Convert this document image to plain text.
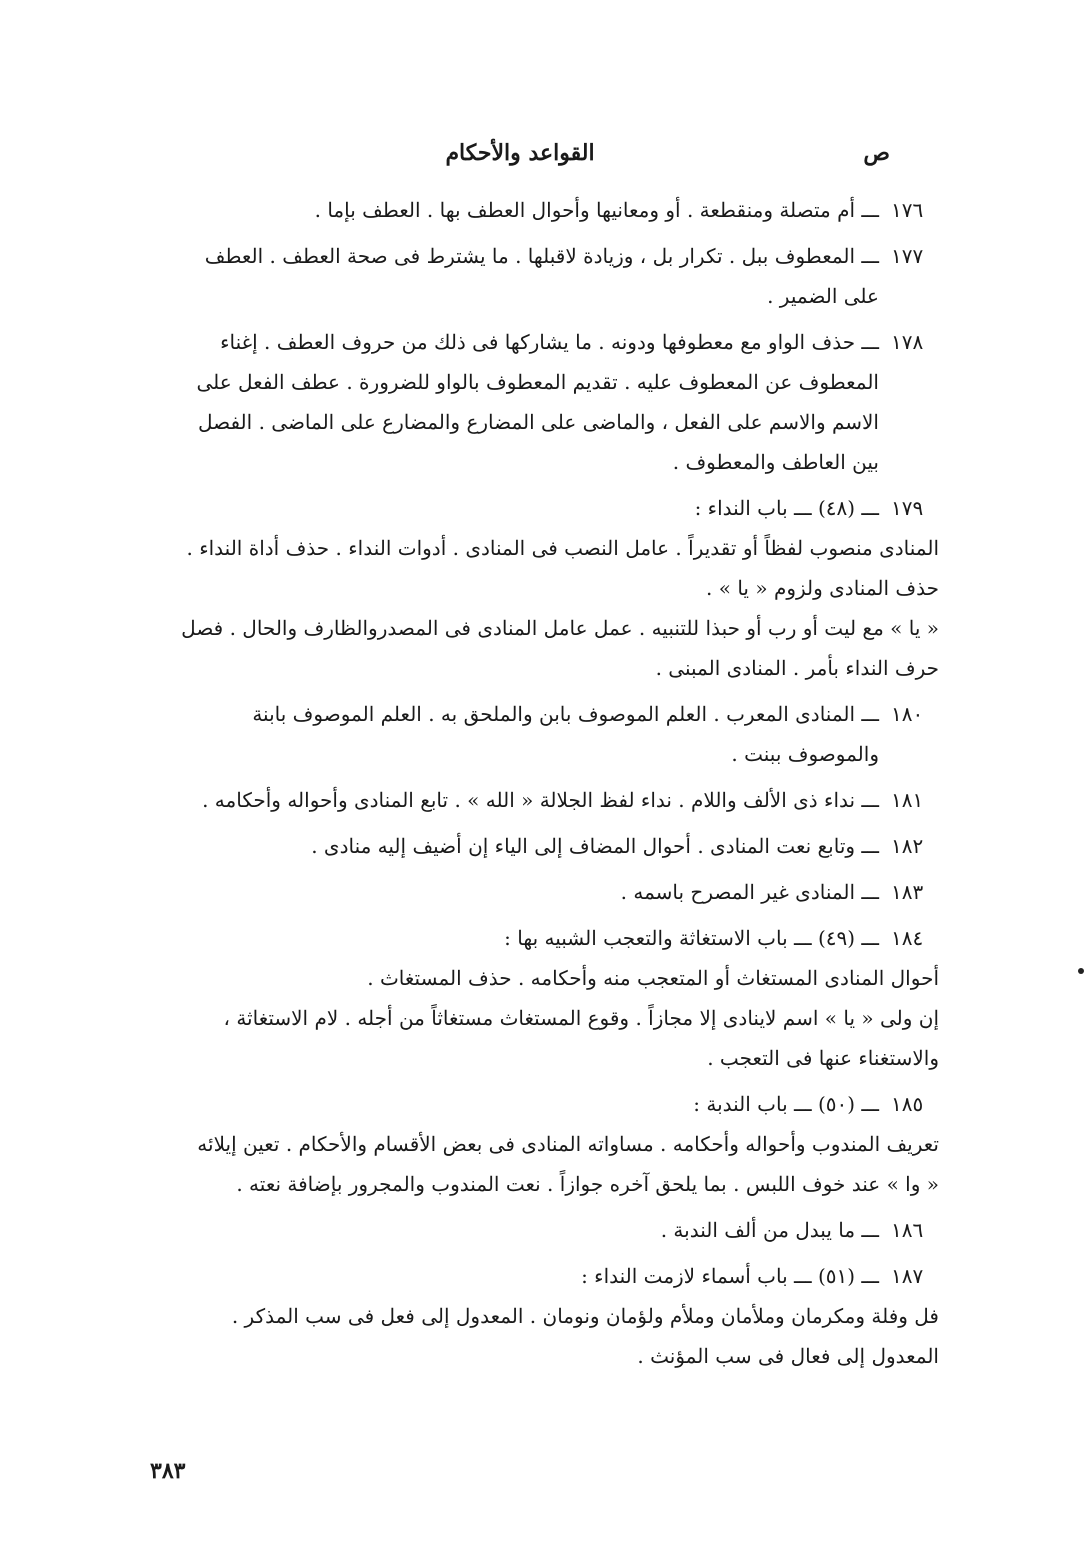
ص
القواعد والأحكام
١٧٦
ـــ أم متصلة ومنقطعة . أو ومعانيها وأحوال العطف بها . العطف بإما .
١٧٧
ـــ المعطوف ببل . تكرار بل ، وزيادة لاقبلها . ما يشترط فى صحة العطف . العطف على الضمير .
١٧٨
ـــ حذف الواو مع معطوفها ودونه . ما يشاركها فى ذلك من حروف العطف . إغناء المعطوف عن المعطوف عليه . تقديم المعطوف بالواو للضرورة . عطف الفعل على الاسم والاسم على الفعل ، والماضى على المضارع والمضارع على الماضى . الفصل بين العاطف والمعطوف .
١٧٩
ـــ (٤٨) ـــ باب النداء :
المنادى منصوب لفظاً أو تقديراً . عامل النصب فى المنادى . أدوات النداء . حذف أداة النداء . حذف المنادى ولزوم « يا » .
« يا » مع ليت أو رب أو حبذا للتنبيه . عمل عامل المنادى فى المصدروالظارف والحال . فصل حرف النداء بأمر . المنادى المبنى .
١٨٠
ـــ المنادى المعرب . العلم الموصوف بابن والملحق به . العلم الموصوف بابنة والموصوف ببنت .
١٨١
ـــ نداء ذى الألف واللام . نداء لفظ الجلالة « الله » . تابع المنادى وأحواله وأحكامه .
١٨٢
ـــ وتابع نعت المنادى . أحوال المضاف إلى الياء إن أضيف إليه منادى .
١٨٣
ـــ المنادى غير المصرح باسمه .
١٨٤
ـــ (٤٩) ـــ باب الاستغاثة والتعجب الشبيه بها :
أحوال المنادى المستغاث أو المتعجب منه وأحكامه . حذف المستغاث .
إن ولى « يا » اسم لاينادى إلا مجازاً . وقوع المستغاث مستغاثاً من أجله . لام الاستغاثة ، والاستغناء عنها فى التعجب .
١٨٥
ـــ (٥٠) ـــ باب الندبة :
تعريف المندوب وأحواله وأحكامه . مساواته المنادى فى بعض الأقسام والأحكام . تعين إيلائه « وا » عند خوف اللبس . بما يلحق آخره جوازاً . نعت المندوب والمجرور بإضافة نعته .
١٨٦
ـــ ما يبدل من ألف الندبة .
١٨٧
ـــ (٥١) ـــ باب أسماء لازمت النداء :
فل وفلة ومكرمان وملأمان وملأم ولؤمان ونومان . المعدول إلى فعل فى سب المذكر . المعدول إلى فعال فى سب المؤنث .
٣٨٣
